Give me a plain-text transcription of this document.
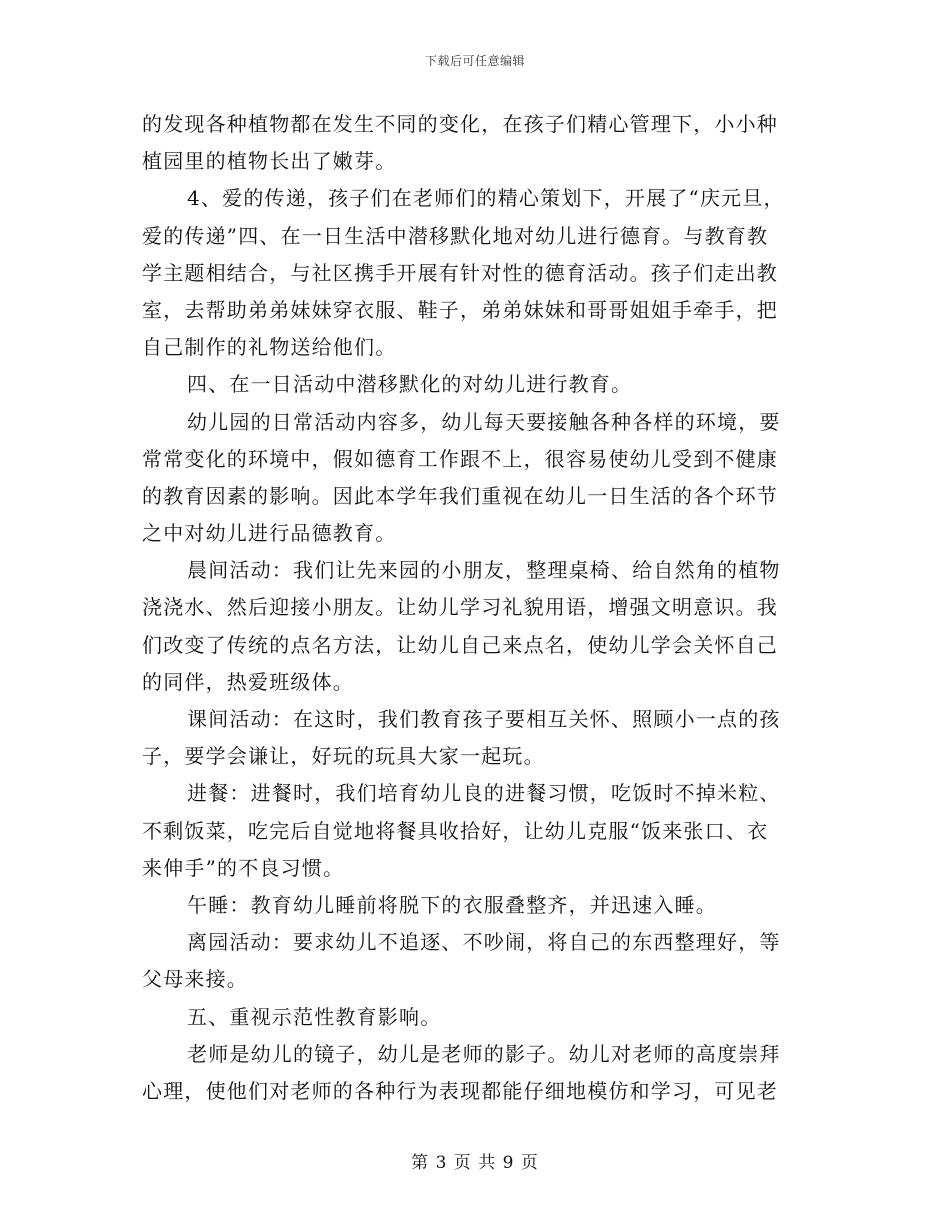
下载后可任意编辑
的发现各种植物都在发生不同的变化，在孩子们精心管理下，小小种
植园里的植物长出了嫩芽。
4、爱的传递，孩子们在老师们的精心策划下，开展了“庆元旦，
爱的传递”四、在一日生活中潜移默化地对幼儿进行德育。与教育教
学主题相结合，与社区携手开展有针对性的德育活动。孩子们走出教
室，去帮助弟弟妹妹穿衣服、鞋子，弟弟妹妹和哥哥姐姐手牵手，把
自己制作的礼物送给他们。
四、在一日活动中潜移默化的对幼儿进行教育。
幼儿园的日常活动内容多，幼儿每天要接触各种各样的环境，要
常常变化的环境中，假如德育工作跟不上，很容易使幼儿受到不健康
的教育因素的影响。因此本学年我们重视在幼儿一日生活的各个环节
之中对幼儿进行品德教育。
晨间活动：我们让先来园的小朋友，整理桌椅、给自然角的植物
浇浇水、然后迎接小朋友。让幼儿学习礼貌用语，增强文明意识。我
们改变了传统的点名方法，让幼儿自己来点名，使幼儿学会关怀自己
的同伴，热爱班级体。
课间活动：在这时，我们教育孩子要相互关怀、照顾小一点的孩
子，要学会谦让，好玩的玩具大家一起玩。
进餐：进餐时，我们培育幼儿良的进餐习惯，吃饭时不掉米粒、
不剩饭菜，吃完后自觉地将餐具收拾好，让幼儿克服“饭来张口、衣
来伸手”的不良习惯。
午睡：教育幼儿睡前将脱下的衣服叠整齐，并迅速入睡。
离园活动：要求幼儿不追逐、不吵闹，将自己的东西整理好，等
父母来接。
五、重视示范性教育影响。
老师是幼儿的镜子，幼儿是老师的影子。幼儿对老师的高度崇拜
心理，使他们对老师的各种行为表现都能仔细地模仿和学习，可见老
第 3 页 共 9 页
